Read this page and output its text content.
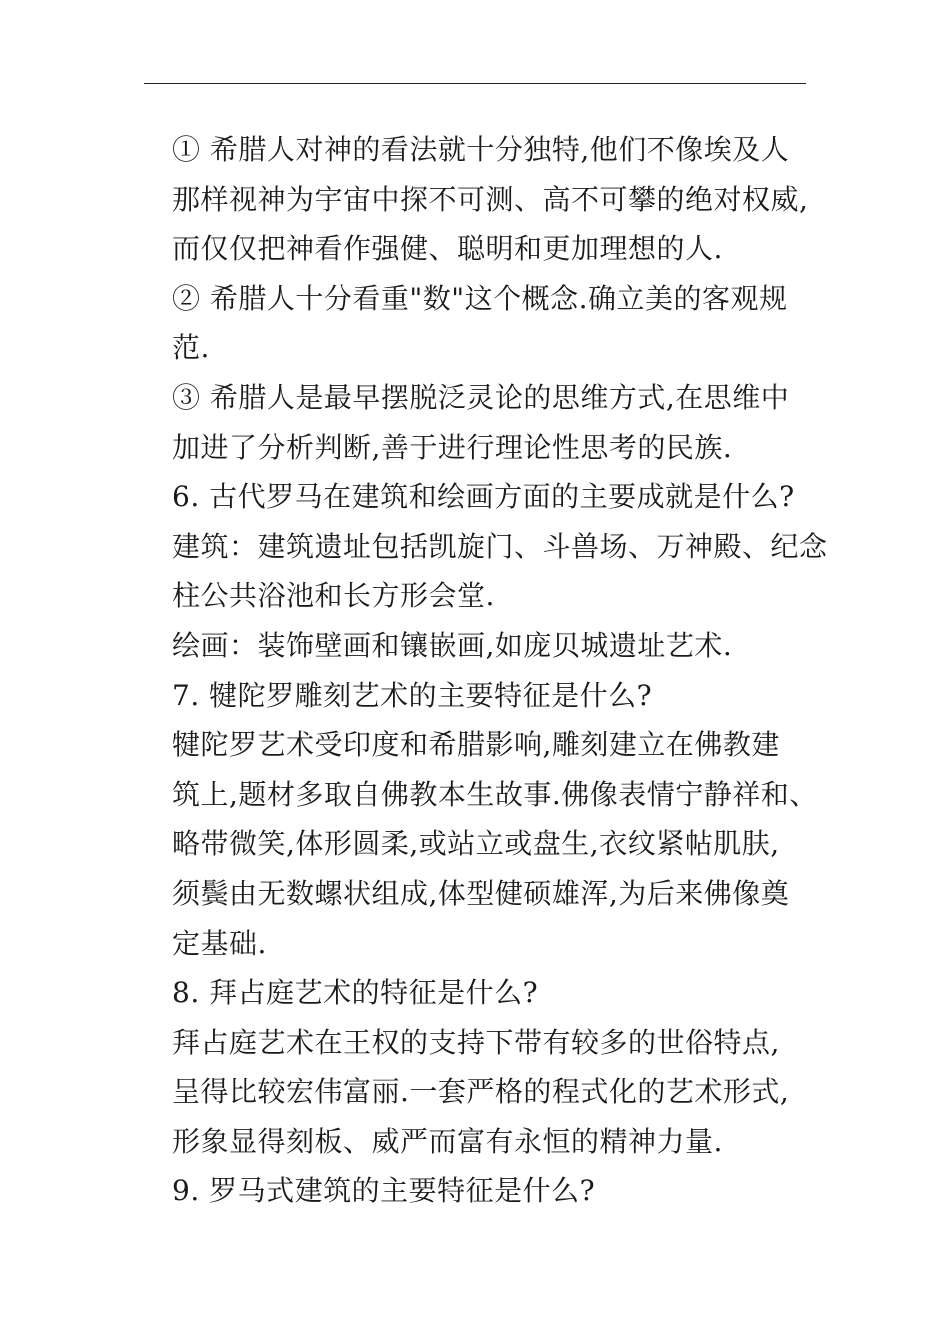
① 希腊人对神的看法就十分独特,他们不像埃及人
那样视神为宇宙中探不可测、高不可攀的绝对权威,
而仅仅把神看作强健、聪明和更加理想的人.
② 希腊人十分看重"数"这个概念.确立美的客观规
范.
③ 希腊人是最早摆脱泛灵论的思维方式,在思维中
加进了分析判断,善于进行理论性思考的民族.
6. 古代罗马在建筑和绘画方面的主要成就是什么?
建筑：建筑遗址包括凯旋门、斗兽场、万神殿、纪念
柱公共浴池和长方形会堂.
绘画：装饰壁画和镶嵌画,如庞贝城遗址艺术.
7. 犍陀罗雕刻艺术的主要特征是什么?
犍陀罗艺术受印度和希腊影响,雕刻建立在佛教建
筑上,题材多取自佛教本生故事.佛像表情宁静祥和、
略带微笑,体形圆柔,或站立或盘生,衣纹紧帖肌肤,
须鬓由无数螺状组成,体型健硕雄浑,为后来佛像奠
定基础.
8. 拜占庭艺术的特征是什么?
拜占庭艺术在王权的支持下带有较多的世俗特点,
呈得比较宏伟富丽.一套严格的程式化的艺术形式,
形象显得刻板、威严而富有永恒的精神力量.
9. 罗马式建筑的主要特征是什么?
